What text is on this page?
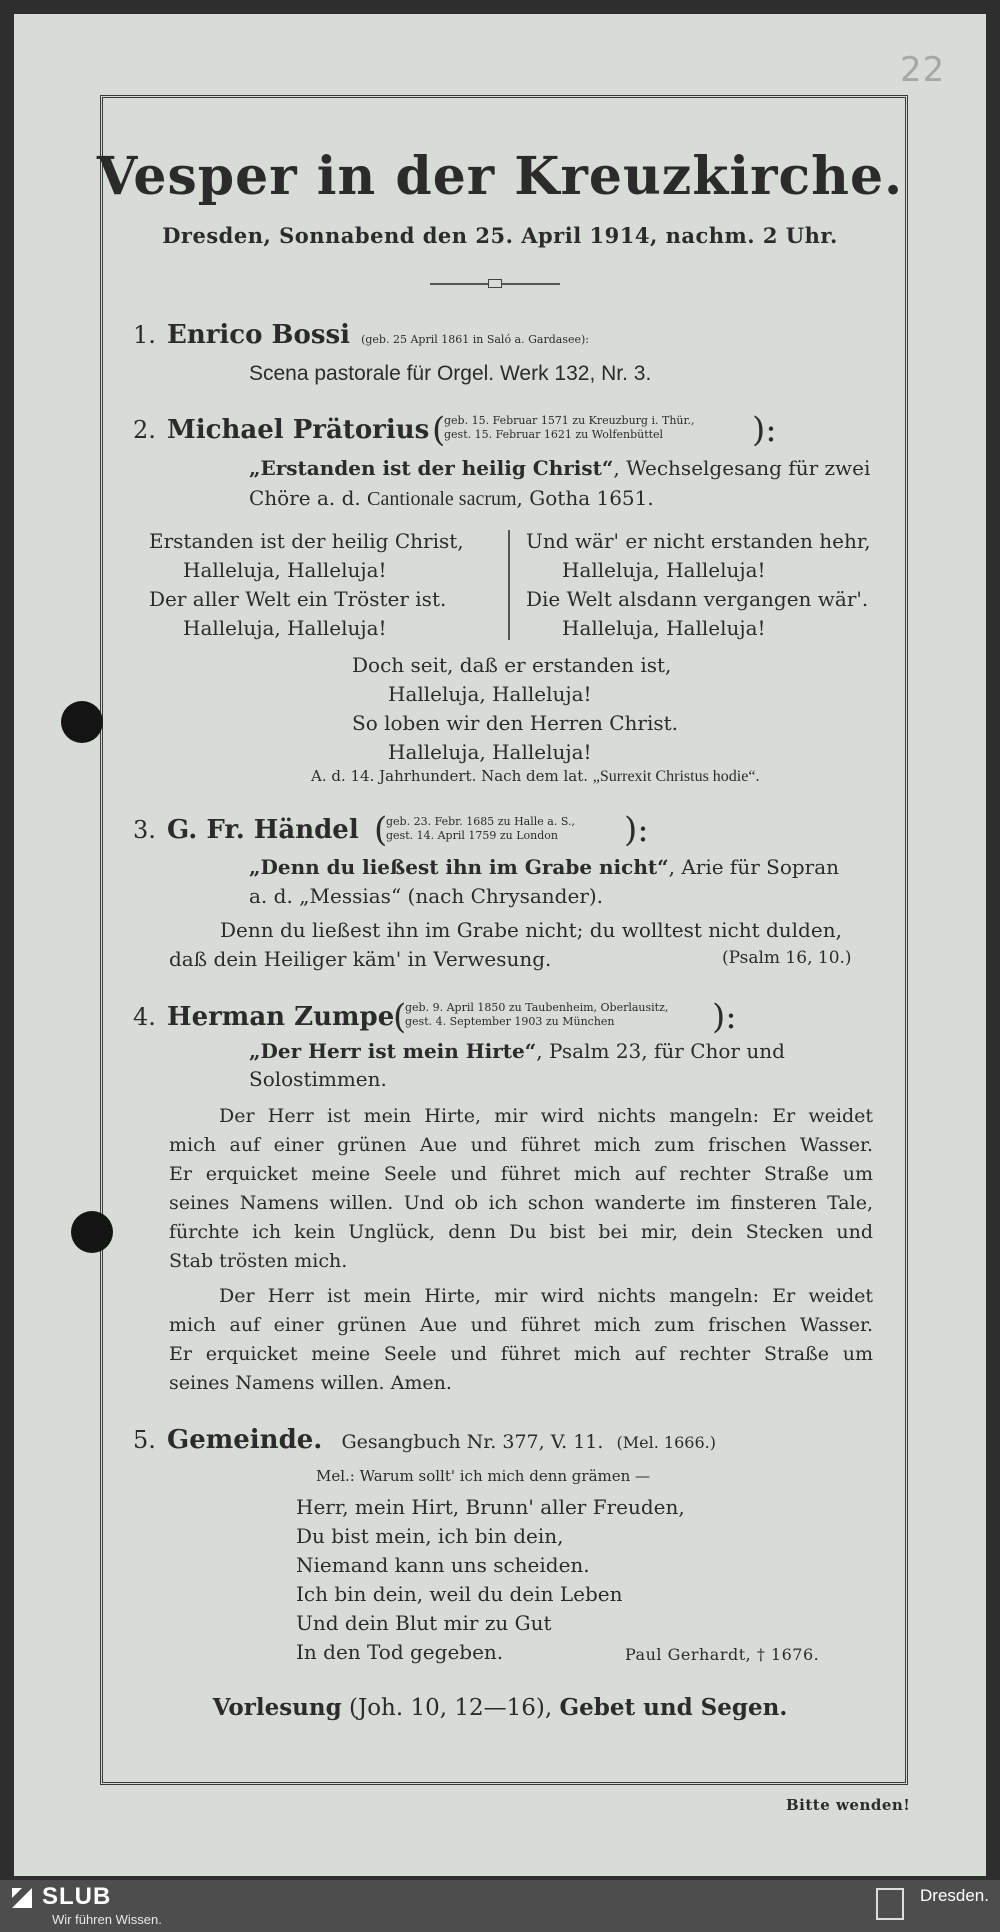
22
Vesper in der Kreuzkirche.
Dresden, Sonnabend den 25. April 1914, nachm. 2 Uhr.
1. Enrico Bossi (geb. 25 April 1861 in Saló a. Gardasee):
Scena pastorale für Orgel. Werk 132, Nr. 3.
2. Michael Prätorius (
geb. 15. Februar 1571 zu Kreuzburg i. Thür.,
gest. 15. Februar 1621 zu Wolfenbüttel	):
„Erstanden ist der heilig Christ“, Wechselgesang für zwei
Chöre a. d. Cantionale sacrum, Gotha 1651.
Erstanden ist der heilig Christ,
Halleluja, Halleluja!
Der aller Welt ein Tröster ist.
Halleluja, Halleluja!
Und wär' er nicht erstanden hehr,
Halleluja, Halleluja!
Die Welt alsdann vergangen wär'.
Halleluja, Halleluja!
Doch seit, daß er erstanden ist,
Halleluja, Halleluja!
So loben wir den Herren Christ.
Halleluja, Halleluja!
A. d. 14. Jahrhundert. Nach dem lat. „Surrexit Christus hodie“.
3. G. Fr. Händel (
geb. 23. Febr. 1685 zu Halle a. S.,
gest. 14. April 1759 zu London ):
„Denn du ließest ihn im Grabe nicht“, Arie für Sopran
a. d. „Messias“ (nach Chrysander).
Denn du ließest ihn im Grabe nicht; du wolltest nicht dulden,
daß dein Heiliger käm' in Verwesung.	(Psalm 16, 10.)
4. Herman Zumpe
(
geb. 9. April 1850 zu Taubenheim, Oberlausitz,
gest. 4. September 1903 zu München	):
„Der Herr ist mein Hirte“, Psalm 23, für Chor und
Solostimmen.
Der Herr ist mein Hirte, mir wird nichts mangeln: Er weidet
mich auf einer grünen Aue und führet mich zum frischen Wasser.
Er erquicket meine Seele und führet mich auf rechter Straße um
seines Namens willen. Und ob ich schon wanderte im finsteren Tale,
fürchte ich kein Unglück, denn Du bist bei mir, dein Stecken und
Stab trösten mich.
Der Herr ist mein Hirte, mir wird nichts mangeln: Er weidet
mich auf einer grünen Aue und führet mich zum frischen Wasser.
Er erquicket meine Seele und führet mich auf rechter Straße um
seines Namens willen. Amen.
5. Gemeinde. Gesangbuch Nr. 377, V. 11. (Mel. 1666.)
Mel.: Warum sollt' ich mich denn grämen —
Herr, mein Hirt, Brunn' aller Freuden,
Du bist mein, ich bin dein,
Niemand kann uns scheiden.
Ich bin dein, weil du dein Leben
Und dein Blut mir zu Gut
In den Tod gegeben.	Paul Gerhardt, † 1676.
Vorlesung (Joh. 10, 12—16), Gebet und Segen.
Bitte wenden!
SLUB
Wir führen Wissen.
Dresden.
